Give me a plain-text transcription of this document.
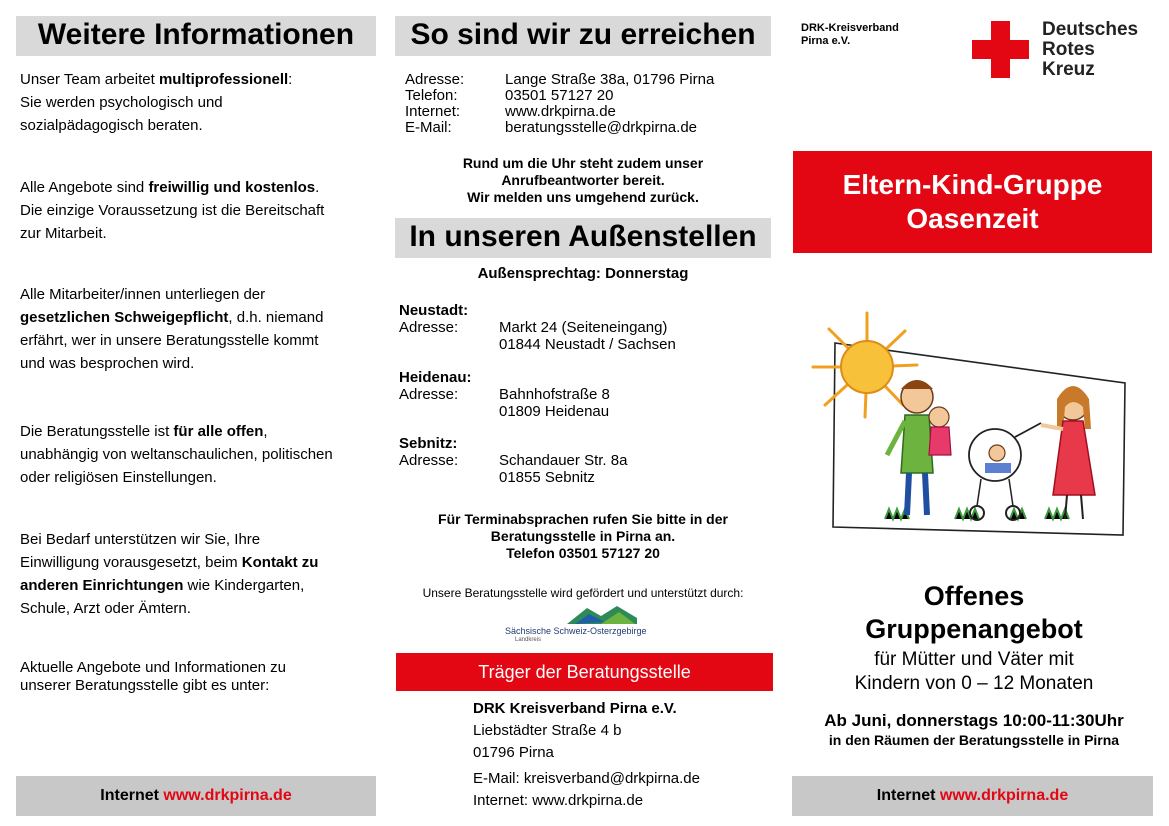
Weitere Informationen
Unser Team arbeitet multiprofessionell:
Sie werden psychologisch und
sozialpädagogisch beraten.
Alle Angebote sind freiwillig und kostenlos.
Die einzige Voraussetzung ist die Bereitschaft
zur Mitarbeit.
Alle Mitarbeiter/innen unterliegen der
gesetzlichen Schweigepflicht, d.h. niemand
erfährt, wer in unsere Beratungsstelle kommt
und was besprochen wird.
Die Beratungsstelle ist für alle offen,
unabhängig von weltanschaulichen, politischen
oder religiösen Einstellungen.
Bei Bedarf unterstützen wir Sie, Ihre
Einwilligung vorausgesetzt, beim Kontakt zu
anderen Einrichtungen wie Kindergarten,
Schule, Arzt oder Ämtern.
Aktuelle Angebote und Informationen zu
unserer Beratungsstelle gibt es unter:
Internet www.drkpirna.de
So sind wir zu erreichen
Adresse:	Lange Straße 38a, 01796 Pirna
Telefon:	03501 57127 20
Internet:	www.drkpirna.de
E-Mail:	beratungsstelle@drkpirna.de
Rund um die Uhr steht zudem unser
Anrufbeantworter bereit.
Wir melden uns umgehend zurück.
In unseren Außenstellen
Außensprechtag: Donnerstag
Neustadt:
Adresse:	Markt 24 (Seiteneingang)
01844 Neustadt / Sachsen
Heidenau:
Adresse:	Bahnhofstraße 8
01809 Heidenau
Sebnitz:
Adresse:	Schandauer Str. 8a
01855 Sebnitz
Für Terminabsprachen rufen Sie bitte in der
Beratungsstelle in Pirna an.
Telefon 03501 57127 20
Unsere Beratungsstelle wird gefördert und unterstützt durch:
Sächsische Schweiz-Osterzgebirge
Landkreis
Träger der Beratungsstelle
DRK Kreisverband Pirna e.V.
Liebstädter Straße 4 b
01796 Pirna
E-Mail: kreisverband@drkpirna.de
Internet: www.drkpirna.de
DRK-Kreisverband
Pirna e.V.
Deutsches
Rotes
Kreuz
Eltern-Kind-Gruppe
Oasenzeit
Offenes
Gruppenangebot
für Mütter und Väter mit
Kindern von 0 – 12 Monaten
Ab Juni, donnerstags 10:00-11:30Uhr
in den Räumen der Beratungsstelle in Pirna
Internet www.drkpirna.de
